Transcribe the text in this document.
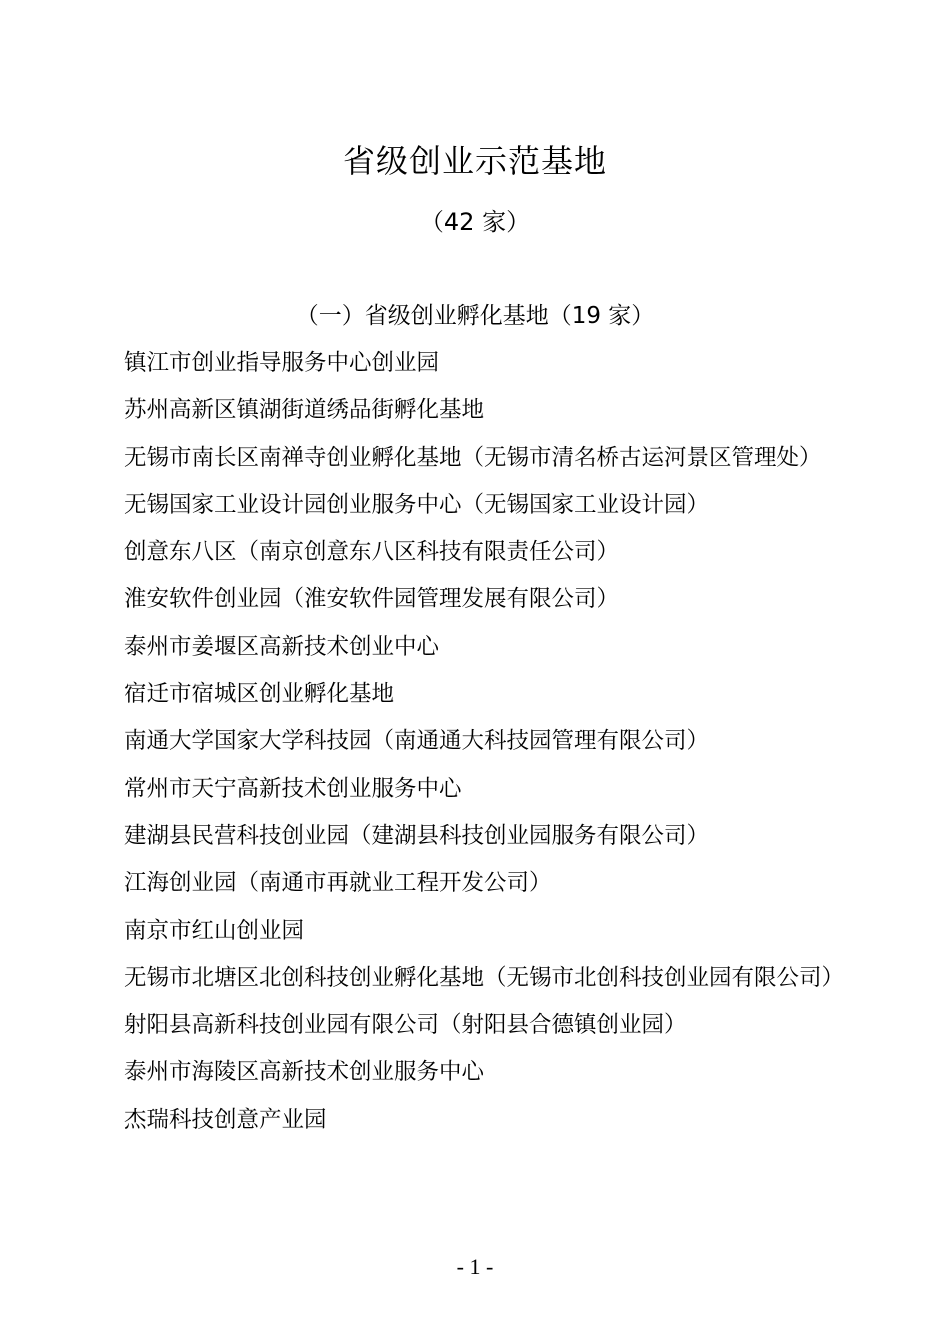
省级创业示范基地
（42 家）
（一）省级创业孵化基地（19 家）
镇江市创业指导服务中心创业园
苏州高新区镇湖街道绣品街孵化基地
无锡市南长区南禅寺创业孵化基地（无锡市清名桥古运河景区管理处）
无锡国家工业设计园创业服务中心（无锡国家工业设计园）
创意东八区（南京创意东八区科技有限责任公司）
淮安软件创业园（淮安软件园管理发展有限公司）
泰州市姜堰区高新技术创业中心
宿迁市宿城区创业孵化基地
南通大学国家大学科技园（南通通大科技园管理有限公司）
常州市天宁高新技术创业服务中心
建湖县民营科技创业园（建湖县科技创业园服务有限公司）
江海创业园（南通市再就业工程开发公司）
南京市红山创业园
无锡市北塘区北创科技创业孵化基地（无锡市北创科技创业园有限公司）
射阳县高新科技创业园有限公司（射阳县合德镇创业园）
泰州市海陵区高新技术创业服务中心
杰瑞科技创意产业园
- 1 -
